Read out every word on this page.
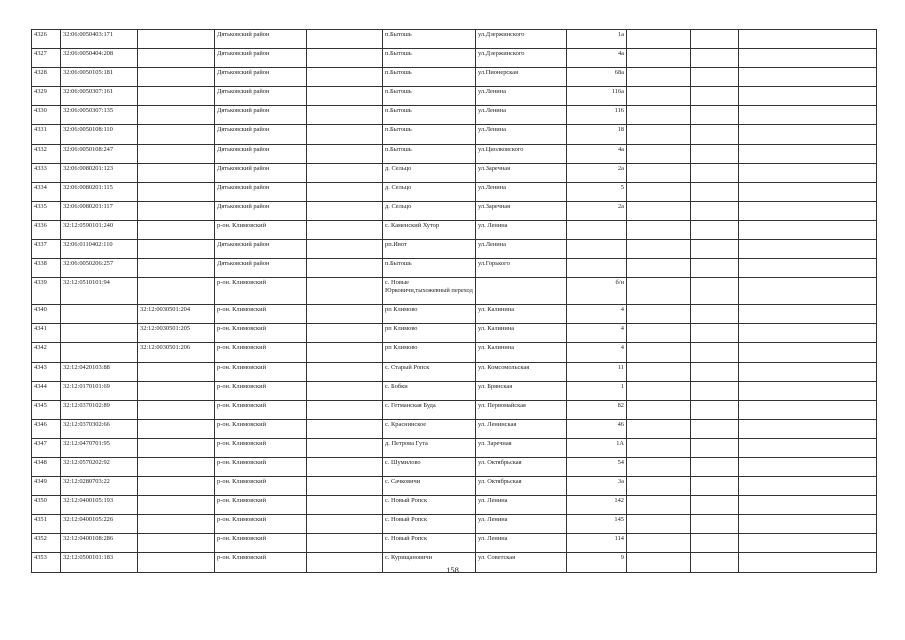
4326	32:06:0050403:171		Дятьковский район		п.Бытошь	ул.Дзержинского	1а			
4327	32:06:0050404:208		Дятьковский район		п.Бытошь	ул.Дзержинского	4а			
4328	32:06:0050105:181		Дятьковский район		п.Бытошь	ул.Пионерская	68а			
4329	32:06:0050307:161		Дятьковский район		п.Бытошь	ул.Ленина	116а			
4330	32:06:0050307:135		Дятьковский район		п.Бытошь	ул.Ленина	116			
4331	32:06:0050108:110		Дятьковский район		п.Бытошь	ул.Ленина	18			
4332	32:06:0050108:247		Дятьковский район		п.Бытошь	ул.Циолковского	4а			
4333	32:06:0080201:123		Дятьковский район		д. Сельцо	ул.Заречная	2а			
4334	32:06:0080201:115		Дятьковский район		д. Сельцо	ул.Ленина	5			
4335	32:06:0080201:117		Дятьковский район		д. Сельцо	ул.Заречная	2а			
4336	32:12:0590101:240		р-он. Климовский		с. Каменский Хутор	ул. Ленина				
4337	32:06:0110402:110		Дятьковский район		рп.Ивот	ул.Ленина				
4338	32:06:0050206:257		Дятьковский район		п.Бытошь	ул.Горького				
4339	32:12:0510101:94		р-он. Климовский		с. Новые Юрковичи,тыхожевный переход		б/н			
4340		32:12:0030501:204	р-он. Климовский		рп Климово	ул. Калинина	4			
4341		32:12:0030501:205	р-он. Климовский		рп Климово	ул. Калинина	4			
4342		32:12:0030501:206	р-он. Климовский		рп Климово	ул. Калинина	4			
4343	32:12:0420103:88		р-он. Климовский		с. Старый Ропск	ул. Комсомольская	11			
4344	32:12:0170101:69		р-он. Климовский		с. Бобки	ул. Брянская	1			
4345	32:12:0370102:89		р-он. Климовский		с. Гетманская Буда	ул. Первомайская	82			
4346	32:12:0370302:66		р-он. Климовский		с. Краснинское	ул. Ленинская	46			
4347	32:12:0470701:95		р-он. Климовский		д. Петрова Гута	ул. Заречная	1А			
4348	32:12:0570202:92		р-он. Климовский		с. Шумилово	ул. Октябрьская	54			
4349	32:12:0280703:22		р-он. Климовский		с. Сачковичи	ул. Октябрьская	3а			
4350	32:12:0400105:193		р-он. Климовский		с. Новый Ропск	ул. Ленина	142			
4351	32:12:0400105:226		р-он. Климовский		с. Новый Ропск	ул. Ленина	145			
4352	32:12:0400108:286		р-он. Климовский		с. Новый Ропск	ул. Ленина	114			
4353	32:12:0500101:183		р-он. Климовский		с. Курищановичи	ул. Советская	9			
158
